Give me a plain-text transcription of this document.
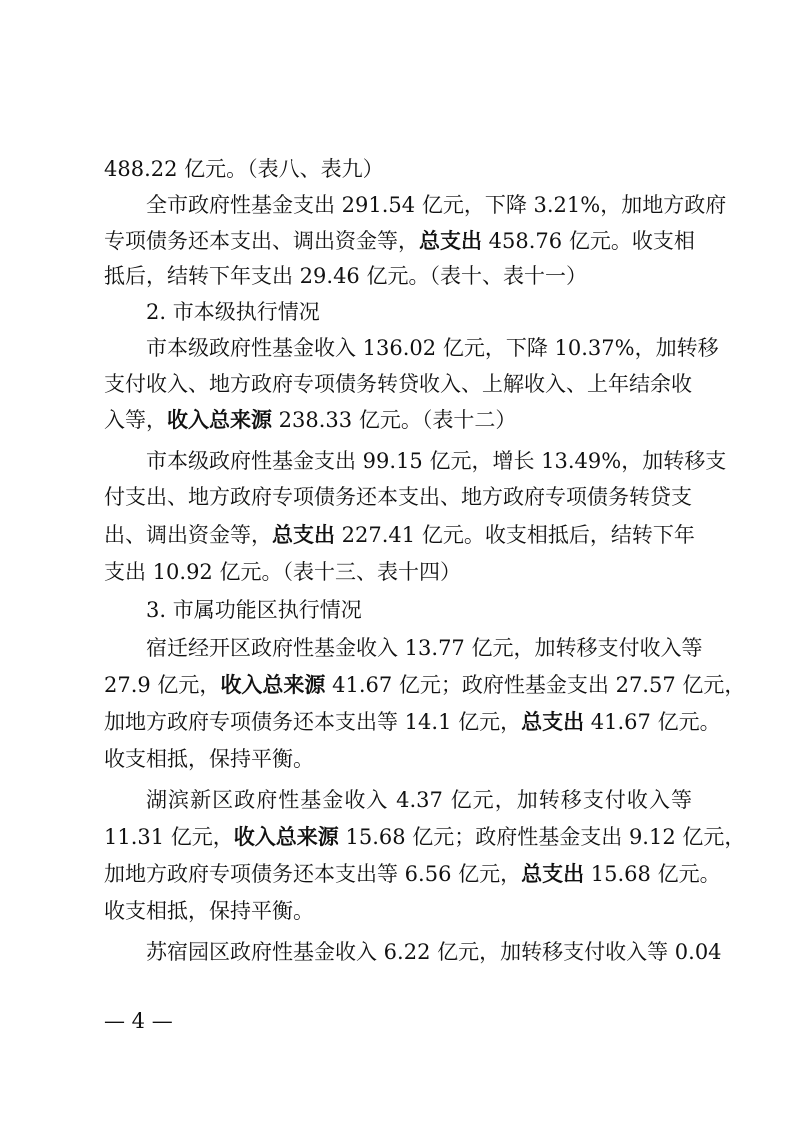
488.22 亿元。（表八、表九）
全市政府性基金支出 291.54 亿元，下降 3.21%，加地方政府
专项债务还本支出、调出资金等，总支出 458.76 亿元。收支相
抵后，结转下年支出 29.46 亿元。（表十、表十一）
2. 市本级执行情况
市本级政府性基金收入 136.02 亿元，下降 10.37%，加转移
支付收入、地方政府专项债务转贷收入、上解收入、上年结余收
入等，收入总来源 238.33 亿元。（表十二）
市本级政府性基金支出 99.15 亿元，增长 13.49%，加转移支
付支出、地方政府专项债务还本支出、地方政府专项债务转贷支
出、调出资金等，总支出 227.41 亿元。收支相抵后，结转下年
支出 10.92 亿元。（表十三、表十四）
3. 市属功能区执行情况
宿迁经开区政府性基金收入 13.77 亿元，加转移支付收入等
27.9 亿元，收入总来源 41.67 亿元；政府性基金支出 27.57 亿元，
加地方政府专项债务还本支出等 14.1 亿元，总支出 41.67 亿元。
收支相抵，保持平衡。
湖滨新区政府性基金收入 4.37 亿元，加转移支付收入等
11.31 亿元，收入总来源 15.68 亿元；政府性基金支出 9.12 亿元，
加地方政府专项债务还本支出等 6.56 亿元，总支出 15.68 亿元。
收支相抵，保持平衡。
苏宿园区政府性基金收入 6.22 亿元，加转移支付收入等 0.04
— 4 —
